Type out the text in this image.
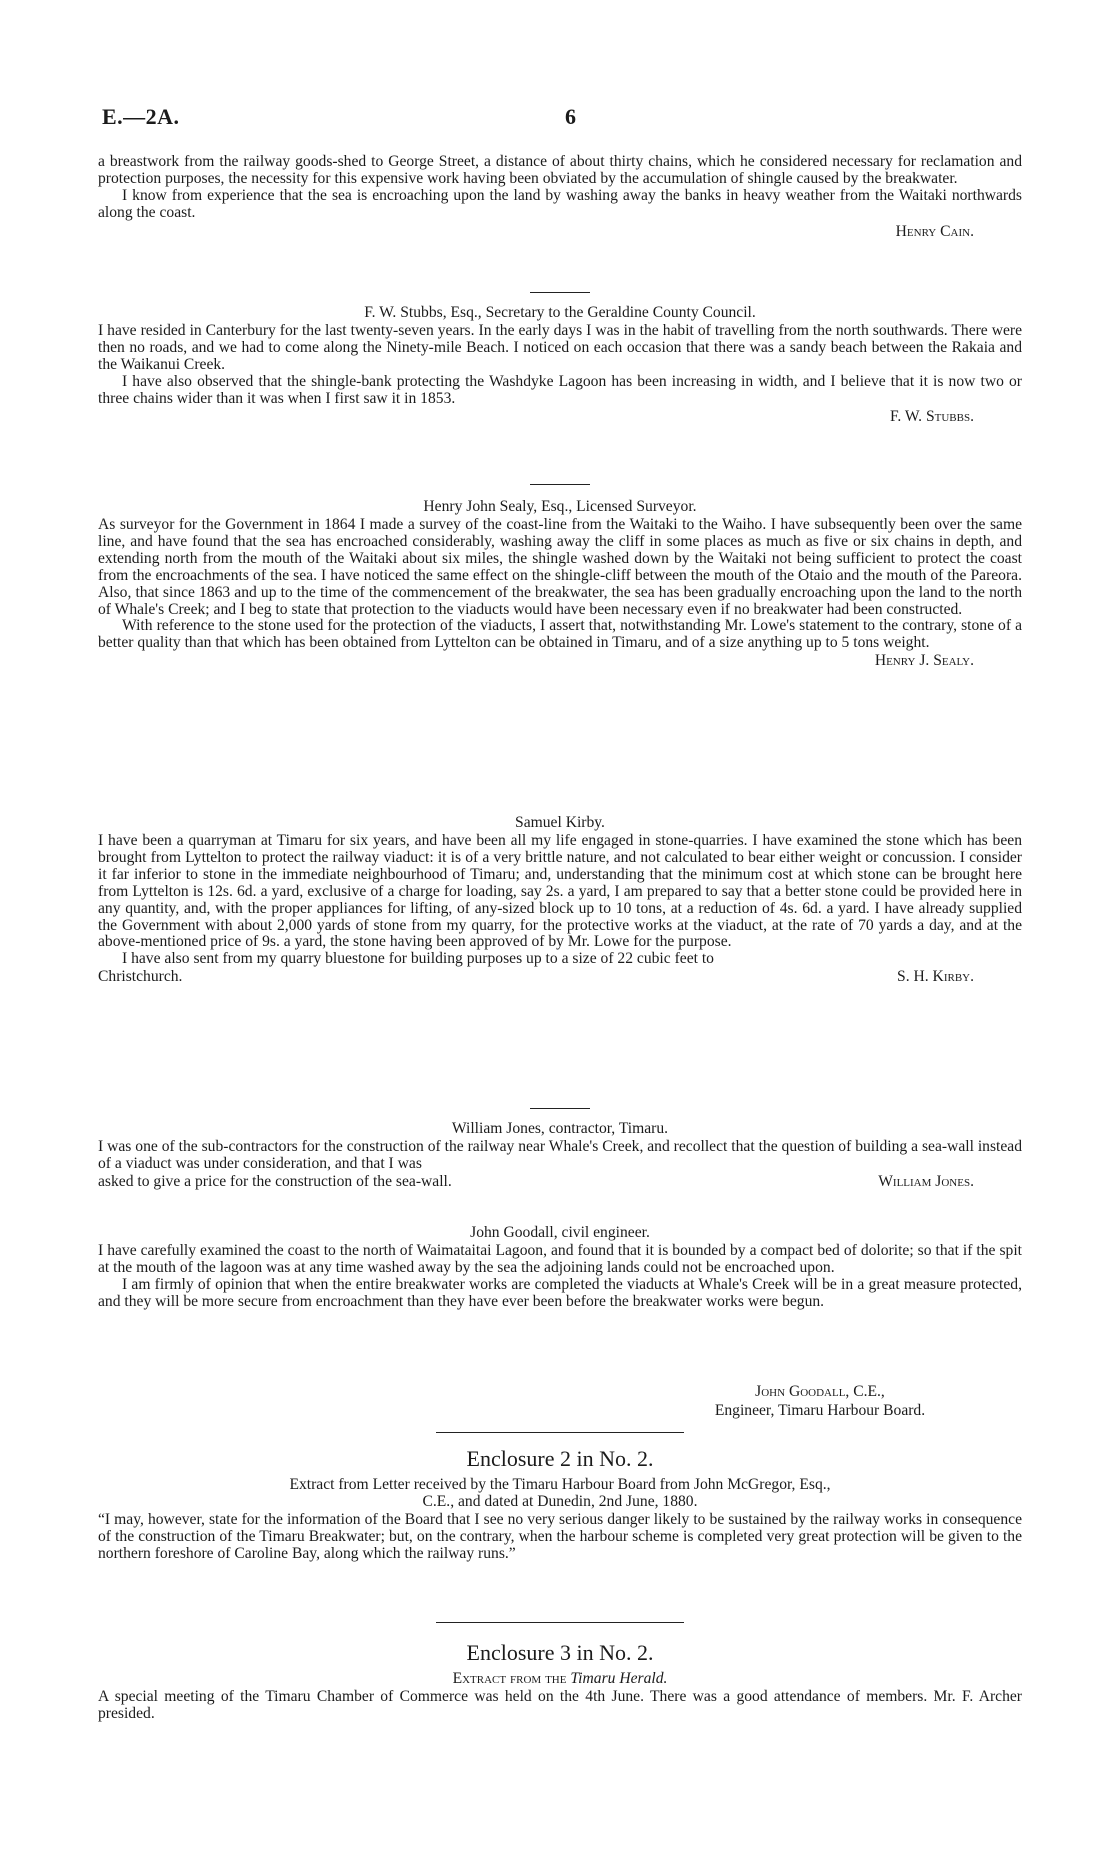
E.—2A.	6

a breastwork from the railway goods-shed to George Street, a distance of about thirty chains, which he considered necessary for reclamation and protection purposes, the necessity for this expensive work having been obviated by the accumulation of shingle caused by the breakwater.

I know from experience that the sea is encroaching upon the land by washing away the banks in heavy weather from the Waitaki northwards along the coast.

Henry Cain.
F. W. Stubbs, Esq., Secretary to the Geraldine County Council.

I have resided in Canterbury for the last twenty-seven years. In the early days I was in the habit of travelling from the north southwards. There were then no roads, and we had to come along the Ninety-mile Beach. I noticed on each occasion that there was a sandy beach between the Rakaia and the Waikanui Creek.

I have also observed that the shingle-bank protecting the Washdyke Lagoon has been increasing in width, and I believe that it is now two or three chains wider than it was when I first saw it in 1853.

F. W. Stubbs.
Henry John Sealy, Esq., Licensed Surveyor.

As surveyor for the Government in 1864 I made a survey of the coast-line from the Waitaki to the Waiho. I have subsequently been over the same line, and have found that the sea has encroached considerably, washing away the cliff in some places as much as five or six chains in depth, and extending north from the mouth of the Waitaki about six miles, the shingle washed down by the Waitaki not being sufficient to protect the coast from the encroachments of the sea. I have noticed the same effect on the shingle-cliff between the mouth of the Otaio and the mouth of the Pareora. Also, that since 1863 and up to the time of the commencement of the breakwater, the sea has been gradually encroaching upon the land to the north of Whale's Creek; and I beg to state that protection to the viaducts would have been necessary even if no breakwater had been constructed.

With reference to the stone used for the protection of the viaducts, I assert that, notwithstanding Mr. Lowe's statement to the contrary, stone of a better quality than that which has been obtained from Lyttelton can be obtained in Timaru, and of a size anything up to 5 tons weight.

Henry J. Sealy.
Samuel Kirby.

I have been a quarryman at Timaru for six years, and have been all my life engaged in stone-quarries. I have examined the stone which has been brought from Lyttelton to protect the railway viaduct: it is of a very brittle nature, and not calculated to bear either weight or concussion. I consider it far inferior to stone in the immediate neighbourhood of Timaru; and, understanding that the minimum cost at which stone can be brought here from Lyttelton is 12s. 6d. a yard, exclusive of a charge for loading, say 2s. a yard, I am prepared to say that a better stone could be provided here in any quantity, and, with the proper appliances for lifting, of any-sized block up to 10 tons, at a reduction of 4s. 6d. a yard. I have already supplied the Government with about 2,000 yards of stone from my quarry, for the protective works at the viaduct, at the rate of 70 yards a day, and at the above-mentioned price of 9s. a yard, the stone having been approved of by Mr. Lowe for the purpose.

I have also sent from my quarry bluestone for building purposes up to a size of 22 cubic feet to

Christchurch.	S. H. Kirby.
William Jones, contractor, Timaru.

I was one of the sub-contractors for the construction of the railway near Whale's Creek, and recollect that the question of building a sea-wall instead of a viaduct was under consideration, and that I was

asked to give a price for the construction of the sea-wall.	William Jones.
John Goodall, civil engineer.

I have carefully examined the coast to the north of Waimataitai Lagoon, and found that it is bounded by a compact bed of dolorite; so that if the spit at the mouth of the lagoon was at any time washed away by the sea the adjoining lands could not be encroached upon.

I am firmly of opinion that when the entire breakwater works are completed the viaducts at Whale's Creek will be in a great measure protected, and they will be more secure from encroachment than they have ever been before the breakwater works were begun.

John Goodall, C.E.,
Engineer, Timaru Harbour Board.
Enclosure 2 in No. 2.
Extract from Letter received by the Timaru Harbour Board from John McGregor, Esq.,
C.E., and dated at Dunedin, 2nd June, 1880.

“I may, however, state for the information of the Board that I see no very serious danger likely to be sustained by the railway works in consequence of the construction of the Timaru Breakwater; but, on the contrary, when the harbour scheme is completed very great protection will be given to the northern foreshore of Caroline Bay, along which the railway runs.”

Enclosure 3 in No. 2.
Extract from the Timaru Herald.

A special meeting of the Timaru Chamber of Commerce was held on the 4th June. There was a good attendance of members. Mr. F. Archer presided.
